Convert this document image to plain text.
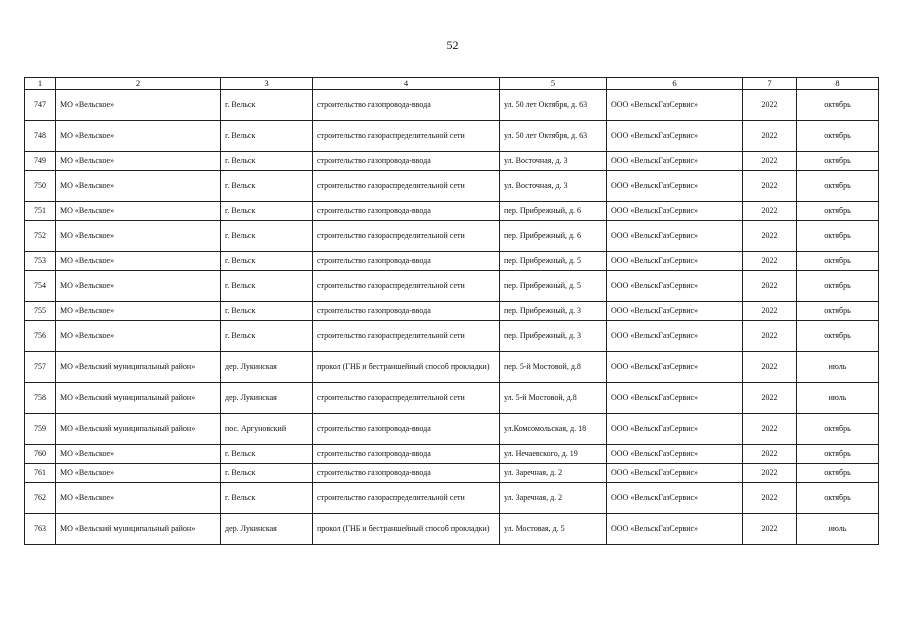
52
1	2	3	4	5	6	7	8
747	МО «Вельское»	г. Вельск	строительство газопровода-ввода	ул. 50 лет Октября, д. 63	ООО «ВельскГазСервис»	2022	октябрь
748	МО «Вельское»	г. Вельск	строительство газораспределительной сети	ул. 50 лет Октября, д. 63	ООО «ВельскГазСервис»	2022	октябрь
749	МО «Вельское»	г. Вельск	строительство газопровода-ввода	ул. Восточная, д. 3	ООО «ВельскГазСервис»	2022	октябрь
750	МО «Вельское»	г. Вельск	строительство газораспределительной сети	ул. Восточная, д. 3	ООО «ВельскГазСервис»	2022	октябрь
751	МО «Вельское»	г. Вельск	строительство газопровода-ввода	пер. Прибрежный, д. 6	ООО «ВельскГазСервис»	2022	октябрь
752	МО «Вельское»	г. Вельск	строительство газораспределительной сети	пер. Прибрежный, д. 6	ООО «ВельскГазСервис»	2022	октябрь
753	МО «Вельское»	г. Вельск	строительство газопровода-ввода	пер. Прибрежный, д. 5	ООО «ВельскГазСервис»	2022	октябрь
754	МО «Вельское»	г. Вельск	строительство газораспределительной сети	пер. Прибрежный, д. 5	ООО «ВельскГазСервис»	2022	октябрь
755	МО «Вельское»	г. Вельск	строительство газопровода-ввода	пер. Прибрежный, д. 3	ООО «ВельскГазСервис»	2022	октябрь
756	МО «Вельское»	г. Вельск	строительство газораспределительной сети	пер. Прибрежный, д. 3	ООО «ВельскГазСервис»	2022	октябрь
757	МО «Вельский муниципальный район»	дер. Лукинская	прокол (ГНБ и бестраншейный способ прокладки)	пер. 5-й Мостовой, д.8	ООО «ВельскГазСервис»	2022	июль
758	МО «Вельский муниципальный район»	дер. Лукинская	строительство газораспределительной сети	ул. 5-й Мостовой, д.8	ООО «ВельскГазСервис»	2022	июль
759	МО «Вельский муниципальный район»	пос. Аргуновский	строительство газопровода-ввода	ул.Комсомольская, д. 18	ООО «ВельскГазСервис»	2022	октябрь
760	МО «Вельское»	г. Вельск	строительство газопровода-ввода	ул. Нечаевского, д. 19	ООО «ВельскГазСервис»	2022	октябрь
761	МО «Вельское»	г. Вельск	строительство газопровода-ввода	ул. Заречная, д. 2	ООО «ВельскГазСервис»	2022	октябрь
762	МО «Вельское»	г. Вельск	строительство газораспределительной сети	ул. Заречная, д. 2	ООО «ВельскГазСервис»	2022	октябрь
763	МО «Вельский муниципальный район»	дер. Лукинская	прокол (ГНБ и бестраншейный способ прокладки)	ул. Мостовая, д. 5	ООО «ВельскГазСервис»	2022	июль
